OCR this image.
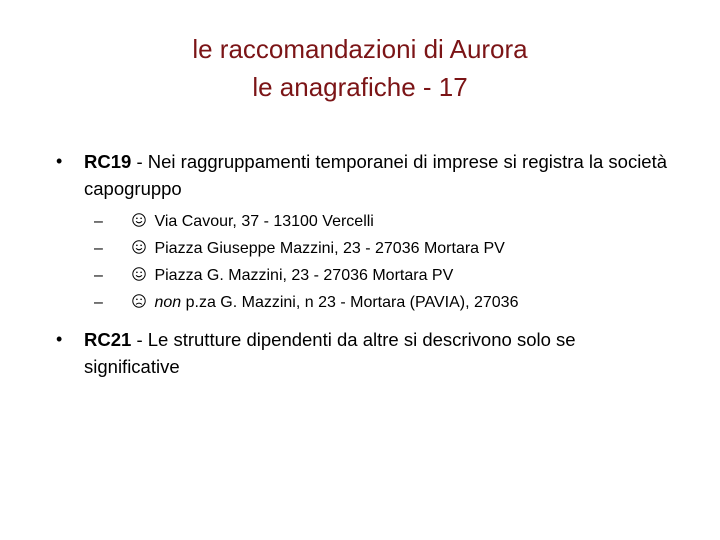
le raccomandazioni di Aurora
le anagrafiche - 17
• RC19 - Nei raggruppamenti temporanei di imprese si registra la società capogruppo
–	Via Cavour, 37 - 13100 Vercelli
–	Piazza Giuseppe Mazzini, 23 - 27036 Mortara PV
–	Piazza G. Mazzini, 23 - 27036 Mortara PV
–	non p.za G. Mazzini, n 23 - Mortara (PAVIA), 27036
• RC21 - Le strutture dipendenti da altre si descrivono solo se significative
